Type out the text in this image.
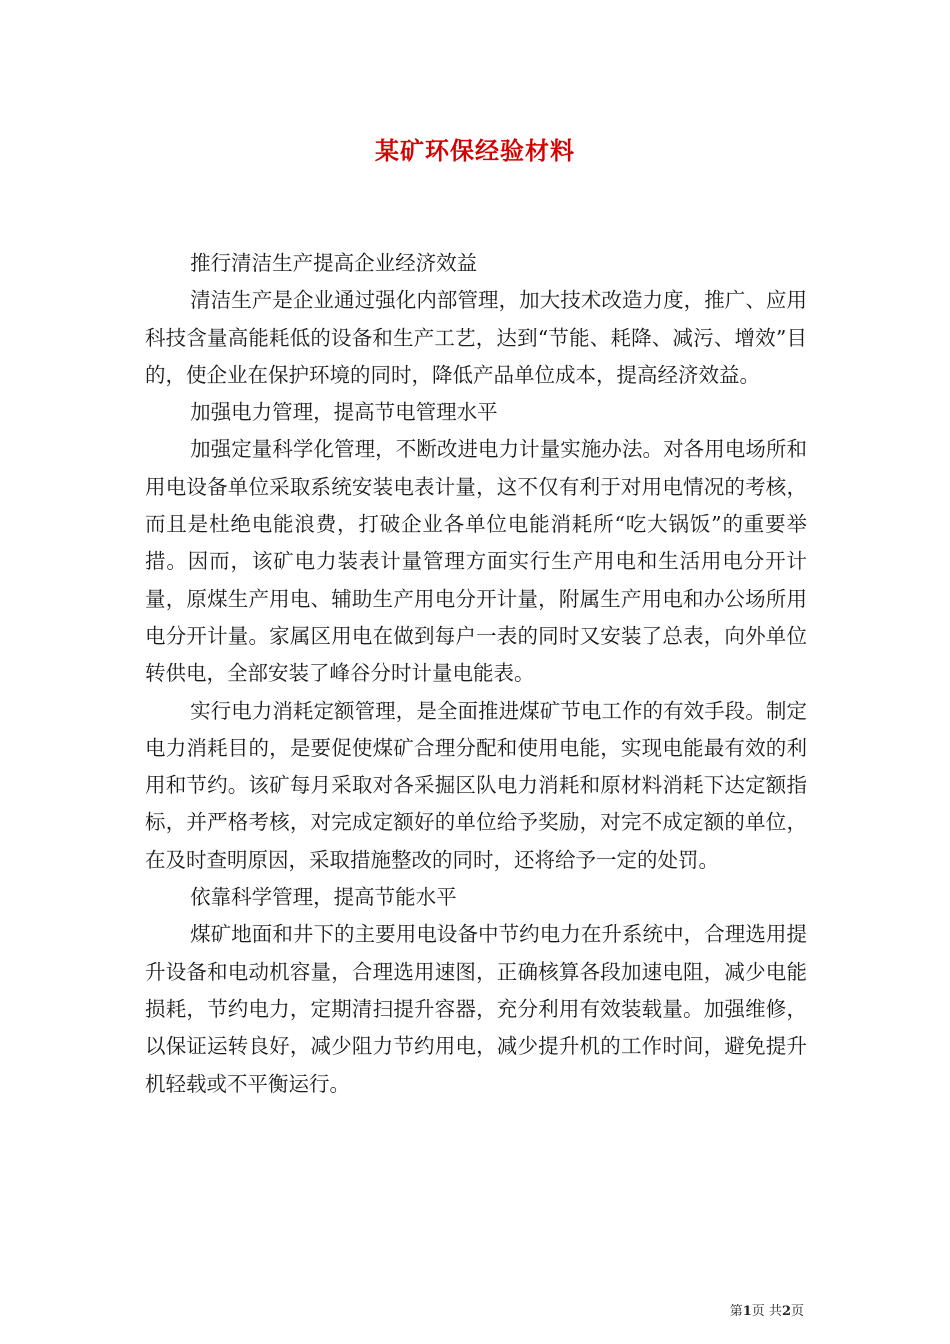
某矿环保经验材料

推行清洁生产提高企业经济效益

清洁生产是企业通过强化内部管理，加大技术改造力度，推广、应用科技含量高能耗低的设备和生产工艺，达到“节能、耗降、减污、增效”目的，使企业在保护环境的同时，降低产品单位成本，提高经济效益。

加强电力管理，提高节电管理水平

加强定量科学化管理，不断改进电力计量实施办法。对各用电场所和用电设备单位采取系统安装电表计量，这不仅有利于对用电情况的考核，而且是杜绝电能浪费，打破企业各单位电能消耗所“吃大锅饭”的重要举措。因而，该矿电力装表计量管理方面实行生产用电和生活用电分开计量，原煤生产用电、辅助生产用电分开计量，附属生产用电和办公场所用电分开计量。家属区用电在做到每户一表的同时又安装了总表，向外单位转供电，全部安装了峰谷分时计量电能表。

实行电力消耗定额管理，是全面推进煤矿节电工作的有效手段。制定电力消耗目的，是要促使煤矿合理分配和使用电能，实现电能最有效的利用和节约。该矿每月采取对各采掘区队电力消耗和原材料消耗下达定额指标，并严格考核，对完成定额好的单位给予奖励，对完不成定额的单位，在及时查明原因，采取措施整改的同时，还将给予一定的处罚。

依靠科学管理，提高节能水平

煤矿地面和井下的主要用电设备中节约电力在升系统中，合理选用提升设备和电动机容量，合理选用速图，正确核算各段加速电阻，减少电能损耗，节约电力，定期清扫提升容器，充分利用有效装载量。加强维修，以保证运转良好，减少阻力节约用电，减少提升机的工作时间，避免提升机轻载或不平衡运行。

第1页 共2页
